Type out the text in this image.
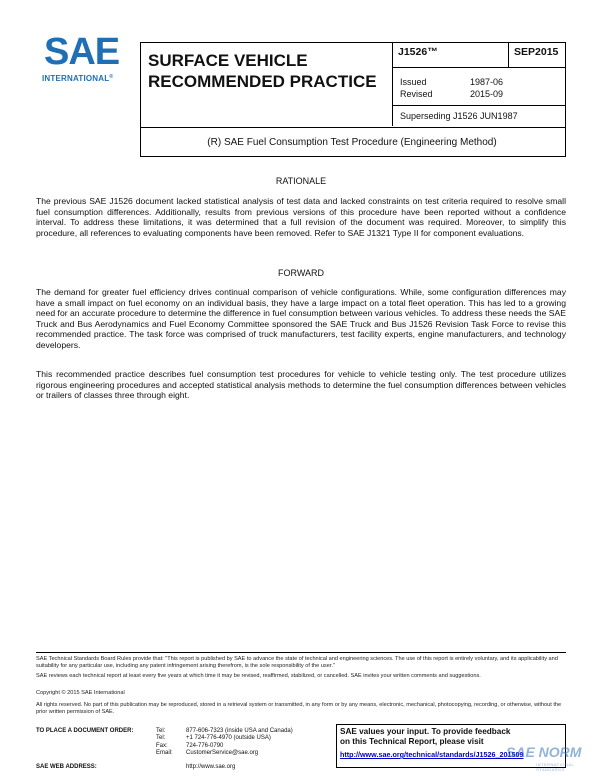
SAE
INTERNATIONAL®
SURFACE VEHICLE RECOMMENDED PRACTICE
J1526™	SEP2015
Issued	1987-06
Revised	2015-09
Superseding J1526 JUN1987
(R) SAE Fuel Consumption Test Procedure (Engineering Method)
RATIONALE
The previous SAE J1526 document lacked statistical analysis of test data and lacked constraints on test criteria required to resolve small fuel consumption differences. Additionally, results from previous versions of this procedure have been reported without a confidence interval. To address these limitations, it was determined that a full revision of the document was required. Moreover, to simplify this procedure, all references to evaluating components have been removed. Refer to SAE J1321 Type II for component evaluations.
FORWARD
The demand for greater fuel efficiency drives continual comparison of vehicle configurations. While, some configuration differences may have a small impact on fuel economy on an individual basis, they have a large impact on a total fleet operation. This has led to a growing need for an accurate procedure to determine the difference in fuel consumption between various vehicles. To address these needs the SAE Truck and Bus Aerodynamics and Fuel Economy Committee sponsored the SAE Truck and Bus J1526 Revision Task Force to revise this recommended practice. The task force was comprised of truck manufacturers, test facility experts, engine manufacturers, and technology developers.
This recommended practice describes fuel consumption test procedures for vehicle to vehicle testing only. The test procedure utilizes rigorous engineering procedures and accepted statistical analysis methods to determine the fuel consumption differences between vehicles or trailers of classes three through eight.
SAE Technical Standards Board Rules provide that: "This report is published by SAE to advance the state of technical and engineering sciences. The use of this report is entirely voluntary, and its applicability and suitability for any particular use, including any patent infringement arising therefrom, is the sole responsibility of the user."
SAE reviews each technical report at least every five years at which time it may be revised, reaffirmed, stabilized, or cancelled. SAE invites your written comments and suggestions.
Copyright © 2015 SAE International
All rights reserved. No part of this publication may be reproduced, stored in a retrieval system or transmitted, in any form or by any means, electronic, mechanical, photocopying, recording, or otherwise, without the prior written permission of SAE.
TO PLACE A DOCUMENT ORDER:	Tel:	877-606-7323 (inside USA and Canada)
Tel:	+1 724-776-4970 (outside USA)
Fax:	724-776-0790
Email: CustomerService@sae.org
SAE WEB ADDRESS:	http://www.sae.org
SAE values your input. To provide feedback
on this Technical Report, please visit
http://www.sae.org/technical/standards/J1526_201509
SAE NORM
INTERNATIONAL STANDARDS
